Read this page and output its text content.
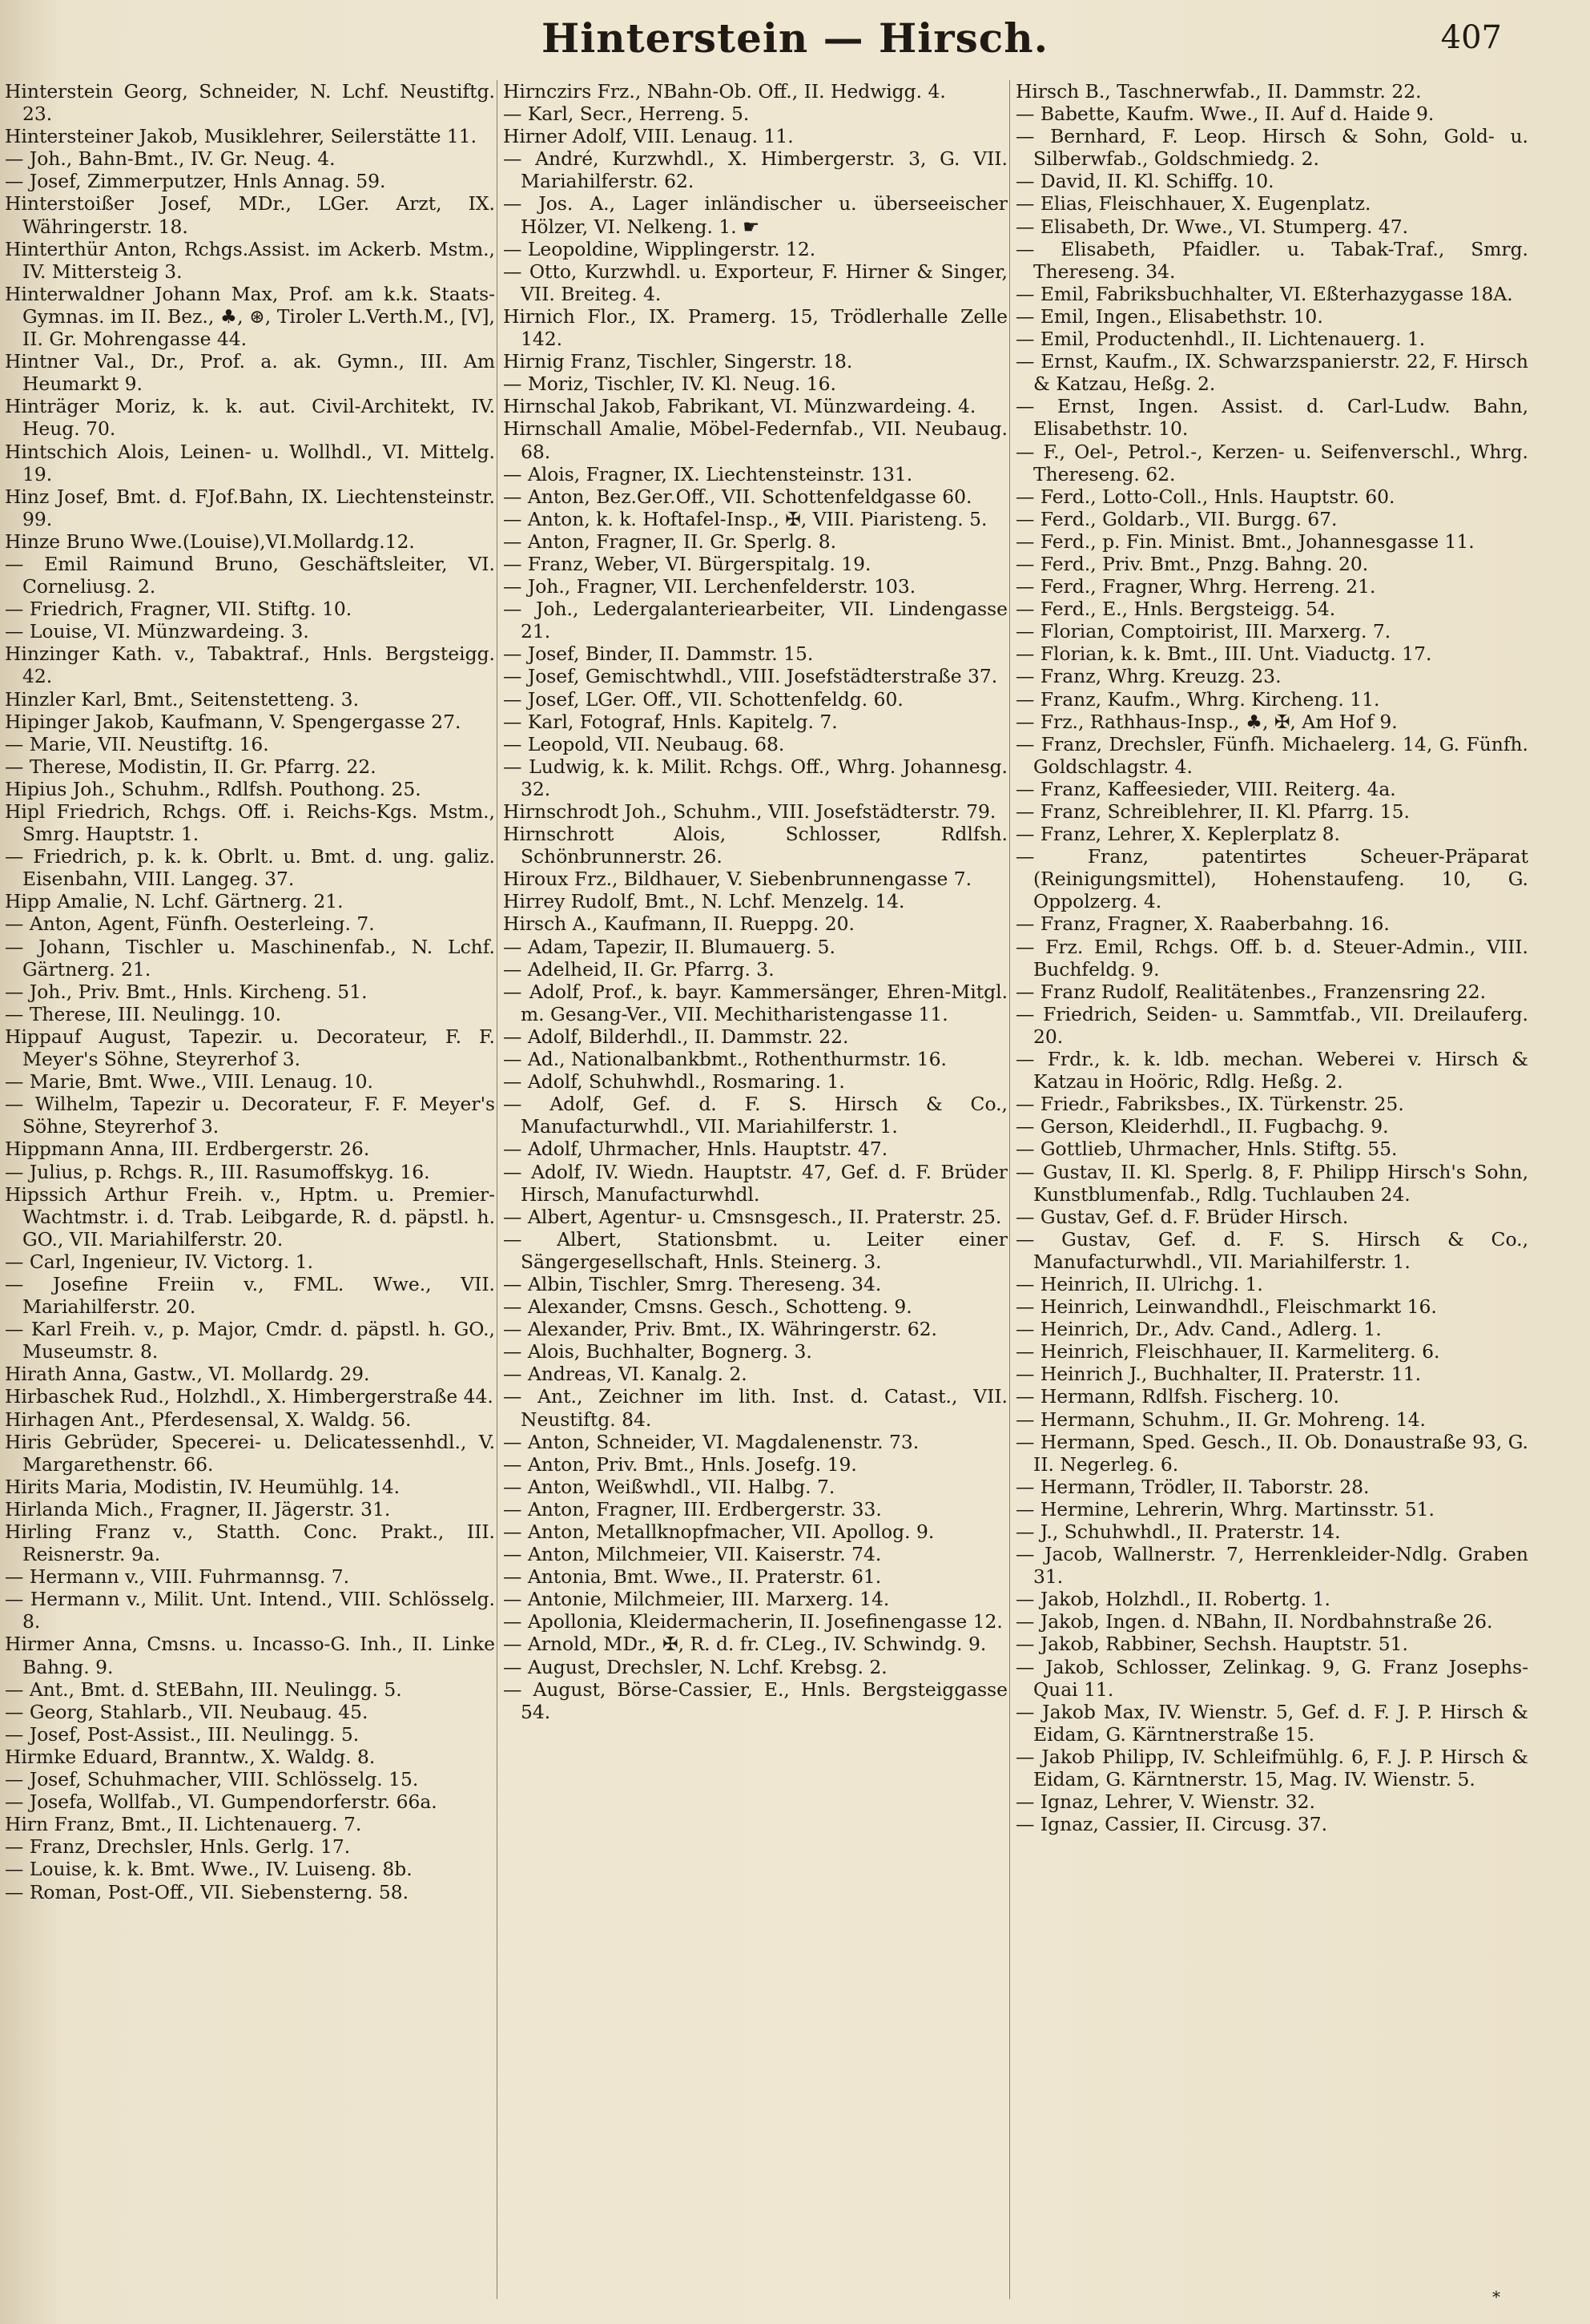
Hinterstein — Hirsch.	407

Hinterstein Georg, Schneider, N. Lchf. Neustiftg. 23.

Hintersteiner Jakob, Musiklehrer, Seilerstätte 11.

— Joh., Bahn-Bmt., IV. Gr. Neug. 4.

— Josef, Zimmerputzer, Hnls Annag. 59.

Hinterstoißer Josef, MDr., LGer. Arzt, IX. Währingerstr. 18.

Hinterthür Anton, Rchgs.Assist. im Ackerb. Mstm., IV. Mittersteig 3.

Hinterwaldner Johann Max, Prof. am k.k. Staats-Gymnas. im II. Bez., ♣, ⊛, Tiroler L.Verth.M., [V], II. Gr. Mohrengasse 44.

Hintner Val., Dr., Prof. a. ak. Gymn., III. Am Heumarkt 9.

Hinträger Moriz, k. k. aut. Civil-Architekt, IV. Heug. 70.

Hintschich Alois, Leinen- u. Wollhdl., VI. Mittelg. 19.

Hinz Josef, Bmt. d. FJof.Bahn, IX. Liechtensteinstr. 99.

Hinze Bruno Wwe.(Louise),VI.Mollardg.12.

— Emil Raimund Bruno, Geschäftsleiter, VI. Corneliusg. 2.

— Friedrich, Fragner, VII. Stiftg. 10.

— Louise, VI. Münzwardeing. 3.

Hinzinger Kath. v., Tabaktraf., Hnls. Bergsteigg. 42.

Hinzler Karl, Bmt., Seitenstetteng. 3.

Hipinger Jakob, Kaufmann, V. Spengergasse 27.

— Marie, VII. Neustiftg. 16.

— Therese, Modistin, II. Gr. Pfarrg. 22.

Hipius Joh., Schuhm., Rdlfsh. Pouthong. 25.

Hipl Friedrich, Rchgs. Off. i. Reichs-Kgs. Mstm., Smrg. Hauptstr. 1.

— Friedrich, p. k. k. Obrlt. u. Bmt. d. ung. galiz. Eisenbahn, VIII. Langeg. 37.

Hipp Amalie, N. Lchf. Gärtnerg. 21.

— Anton, Agent, Fünfh. Oesterleing. 7.

— Johann, Tischler u. Maschinenfab., N. Lchf. Gärtnerg. 21.

— Joh., Priv. Bmt., Hnls. Kircheng. 51.

— Therese, III. Neulingg. 10.

Hippauf August, Tapezir. u. Decorateur, F. F. Meyer's Söhne, Steyrerhof 3.

— Marie, Bmt. Wwe., VIII. Lenaug. 10.

— Wilhelm, Tapezir u. Decorateur, F. F. Meyer's Söhne, Steyrerhof 3.

Hippmann Anna, III. Erdbergerstr. 26.

— Julius, p. Rchgs. R., III. Rasumoffskyg. 16.

Hipssich Arthur Freih. v., Hptm. u. Premier-Wachtmstr. i. d. Trab. Leibgarde, R. d. päpstl. h. GO., VII. Mariahilferstr. 20.

— Carl, Ingenieur, IV. Victorg. 1.

— Josefine Freiin v., FML. Wwe., VII. Mariahilferstr. 20.

— Karl Freih. v., p. Major, Cmdr. d. päpstl. h. GO., Museumstr. 8.

Hirath Anna, Gastw., VI. Mollardg. 29.

Hirbaschek Rud., Holzhdl., X. Himbergerstraße 44.

Hirhagen Ant., Pferdesensal, X. Waldg. 56.

Hiris Gebrüder, Specerei- u. Delicatessenhdl., V. Margarethenstr. 66.

Hirits Maria, Modistin, IV. Heumühlg. 14.

Hirlanda Mich., Fragner, II. Jägerstr. 31.

Hirling Franz v., Statth. Conc. Prakt., III. Reisnerstr. 9a.

— Hermann v., VIII. Fuhrmannsg. 7.

— Hermann v., Milit. Unt. Intend., VIII. Schlösselg. 8.

Hirmer Anna, Cmsns. u. Incasso-G. Inh., II. Linke Bahng. 9.

— Ant., Bmt. d. StEBahn, III. Neulingg. 5.

— Georg, Stahlarb., VII. Neubaug. 45.

— Josef, Post-Assist., III. Neulingg. 5.

Hirmke Eduard, Branntw., X. Waldg. 8.

— Josef, Schuhmacher, VIII. Schlösselg. 15.

— Josefa, Wollfab., VI. Gumpendorferstr. 66a.

Hirn Franz, Bmt., II. Lichtenauerg. 7.

— Franz, Drechsler, Hnls. Gerlg. 17.

— Louise, k. k. Bmt. Wwe., IV. Luiseng. 8b.

— Roman, Post-Off., VII. Siebensterng. 58.

Hirnczirs Frz., NBahn-Ob. Off., II. Hedwigg. 4.

— Karl, Secr., Herreng. 5.

Hirner Adolf, VIII. Lenaug. 11.

— André, Kurzwhdl., X. Himbergerstr. 3, G. VII. Mariahilferstr. 62.

— Jos. A., Lager inländischer u. überseeischer Hölzer, VI. Nelkeng. 1. ☛

— Leopoldine, Wipplingerstr. 12.

— Otto, Kurzwhdl. u. Exporteur, F. Hirner & Singer, VII. Breiteg. 4.

Hirnich Flor., IX. Pramerg. 15, Trödlerhalle Zelle 142.

Hirnig Franz, Tischler, Singerstr. 18.

— Moriz, Tischler, IV. Kl. Neug. 16.

Hirnschal Jakob, Fabrikant, VI. Münzwardeing. 4.

Hirnschall Amalie, Möbel-Federnfab., VII. Neubaug. 68.

— Alois, Fragner, IX. Liechtensteinstr. 131.

— Anton, Bez.Ger.Off., VII. Schottenfeldgasse 60.

— Anton, k. k. Hoftafel-Insp., ✠, VIII. Piaristeng. 5.

— Anton, Fragner, II. Gr. Sperlg. 8.

— Franz, Weber, VI. Bürgerspitalg. 19.

— Joh., Fragner, VII. Lerchenfelderstr. 103.

— Joh., Ledergalanteriearbeiter, VII. Lindengasse 21.

— Josef, Binder, II. Dammstr. 15.

— Josef, Gemischtwhdl., VIII. Josefstädterstraße 37.

— Josef, LGer. Off., VII. Schottenfeldg. 60.

— Karl, Fotograf, Hnls. Kapitelg. 7.

— Leopold, VII. Neubaug. 68.

— Ludwig, k. k. Milit. Rchgs. Off., Whrg. Johannesg. 32.

Hirnschrodt Joh., Schuhm., VIII. Josefstädterstr. 79.

Hirnschrott Alois, Schlosser, Rdlfsh. Schönbrunnerstr. 26.

Hiroux Frz., Bildhauer, V. Siebenbrunnengasse 7.

Hirrey Rudolf, Bmt., N. Lchf. Menzelg. 14.

Hirsch A., Kaufmann, II. Rueppg. 20.

— Adam, Tapezir, II. Blumauerg. 5.

— Adelheid, II. Gr. Pfarrg. 3.

— Adolf, Prof., k. bayr. Kammersänger, Ehren-Mitgl. m. Gesang-Ver., VII. Mechitharistengasse 11.

— Adolf, Bilderhdl., II. Dammstr. 22.

— Ad., Nationalbankbmt., Rothenthurmstr. 16.

— Adolf, Schuhwhdl., Rosmaring. 1.

— Adolf, Gef. d. F. S. Hirsch & Co., Manufacturwhdl., VII. Mariahilferstr. 1.

— Adolf, Uhrmacher, Hnls. Hauptstr. 47.

— Adolf, IV. Wiedn. Hauptstr. 47, Gef. d. F. Brüder Hirsch, Manufacturwhdl.

— Albert, Agentur- u. Cmsnsgesch., II. Praterstr. 25.

— Albert, Stationsbmt. u. Leiter einer Sängergesellschaft, Hnls. Steinerg. 3.

— Albin, Tischler, Smrg. Thereseng. 34.

— Alexander, Cmsns. Gesch., Schotteng. 9.

— Alexander, Priv. Bmt., IX. Währingerstr. 62.

— Alois, Buchhalter, Bognerg. 3.

— Andreas, VI. Kanalg. 2.

— Ant., Zeichner im lith. Inst. d. Catast., VII. Neustiftg. 84.

— Anton, Schneider, VI. Magdalenenstr. 73.

— Anton, Priv. Bmt., Hnls. Josefg. 19.

— Anton, Weißwhdl., VII. Halbg. 7.

— Anton, Fragner, III. Erdbergerstr. 33.

— Anton, Metallknopfmacher, VII. Apollog. 9.

— Anton, Milchmeier, VII. Kaiserstr. 74.

— Antonia, Bmt. Wwe., II. Praterstr. 61.

— Antonie, Milchmeier, III. Marxerg. 14.

— Apollonia, Kleidermacherin, II. Josefinengasse 12.

— Arnold, MDr., ✠, R. d. fr. CLeg., IV. Schwindg. 9.

— August, Drechsler, N. Lchf. Krebsg. 2.

— August, Börse-Cassier, E., Hnls. Bergsteiggasse 54.

Hirsch B., Taschnerwfab., II. Dammstr. 22.

— Babette, Kaufm. Wwe., II. Auf d. Haide 9.

— Bernhard, F. Leop. Hirsch & Sohn, Gold- u. Silberwfab., Goldschmiedg. 2.

— David, II. Kl. Schiffg. 10.

— Elias, Fleischhauer, X. Eugenplatz.

— Elisabeth, Dr. Wwe., VI. Stumperg. 47.

— Elisabeth, Pfaidler. u. Tabak-Traf., Smrg. Thereseng. 34.

— Emil, Fabriksbuchhalter, VI. Eßterhazygasse 18A.

— Emil, Ingen., Elisabethstr. 10.

— Emil, Productenhdl., II. Lichtenauerg. 1.

— Ernst, Kaufm., IX. Schwarzspanierstr. 22, F. Hirsch & Katzau, Heßg. 2.

— Ernst, Ingen. Assist. d. Carl-Ludw. Bahn, Elisabethstr. 10.

— F., Oel-, Petrol.-, Kerzen- u. Seifenverschl., Whrg. Thereseng. 62.

— Ferd., Lotto-Coll., Hnls. Hauptstr. 60.

— Ferd., Goldarb., VII. Burgg. 67.

— Ferd., p. Fin. Minist. Bmt., Johannesgasse 11.

— Ferd., Priv. Bmt., Pnzg. Bahng. 20.

— Ferd., Fragner, Whrg. Herreng. 21.

— Ferd., E., Hnls. Bergsteigg. 54.

— Florian, Comptoirist, III. Marxerg. 7.

— Florian, k. k. Bmt., III. Unt. Viaductg. 17.

— Franz, Whrg. Kreuzg. 23.

— Franz, Kaufm., Whrg. Kircheng. 11.

— Frz., Rathhaus-Insp., ♣, ✠, Am Hof 9.

— Franz, Drechsler, Fünfh. Michaelerg. 14, G. Fünfh. Goldschlagstr. 4.

— Franz, Kaffeesieder, VIII. Reiterg. 4a.

— Franz, Schreiblehrer, II. Kl. Pfarrg. 15.

— Franz, Lehrer, X. Keplerplatz 8.

— Franz, patentirtes Scheuer-Präparat (Reinigungsmittel), Hohenstaufeng. 10, G. Oppolzerg. 4.

— Franz, Fragner, X. Raaberbahng. 16.

— Frz. Emil, Rchgs. Off. b. d. Steuer-Admin., VIII. Buchfeldg. 9.

— Franz Rudolf, Realitätenbes., Franzensring 22.

— Friedrich, Seiden- u. Sammtfab., VII. Dreilauferg. 20.

— Frdr., k. k. ldb. mechan. Weberei v. Hirsch & Katzau in Hoöric, Rdlg. Heßg. 2.

— Friedr., Fabriksbes., IX. Türkenstr. 25.

— Gerson, Kleiderhdl., II. Fugbachg. 9.

— Gottlieb, Uhrmacher, Hnls. Stiftg. 55.

— Gustav, II. Kl. Sperlg. 8, F. Philipp Hirsch's Sohn, Kunstblumenfab., Rdlg. Tuchlauben 24.

— Gustav, Gef. d. F. Brüder Hirsch.

— Gustav, Gef. d. F. S. Hirsch & Co., Manufacturwhdl., VII. Mariahilferstr. 1.

— Heinrich, II. Ulrichg. 1.

— Heinrich, Leinwandhdl., Fleischmarkt 16.

— Heinrich, Dr., Adv. Cand., Adlerg. 1.

— Heinrich, Fleischhauer, II. Karmeliterg. 6.

— Heinrich J., Buchhalter, II. Praterstr. 11.

— Hermann, Rdlfsh. Fischerg. 10.

— Hermann, Schuhm., II. Gr. Mohreng. 14.

— Hermann, Sped. Gesch., II. Ob. Donaustraße 93, G. II. Negerleg. 6.

— Hermann, Trödler, II. Taborstr. 28.

— Hermine, Lehrerin, Whrg. Martinsstr. 51.

— J., Schuhwhdl., II. Praterstr. 14.

— Jacob, Wallnerstr. 7, Herrenkleider-Ndlg. Graben 31.

— Jakob, Holzhdl., II. Robertg. 1.

— Jakob, Ingen. d. NBahn, II. Nordbahnstraße 26.

— Jakob, Rabbiner, Sechsh. Hauptstr. 51.

— Jakob, Schlosser, Zelinkag. 9, G. Franz Josephs-Quai 11.

— Jakob Max, IV. Wienstr. 5, Gef. d. F. J. P. Hirsch & Eidam, G. Kärntnerstraße 15.

— Jakob Philipp, IV. Schleifmühlg. 6, F. J. P. Hirsch & Eidam, G. Kärntnerstr. 15, Mag. IV. Wienstr. 5.

— Ignaz, Lehrer, V. Wienstr. 32.

— Ignaz, Cassier, II. Circusg. 37.

*
